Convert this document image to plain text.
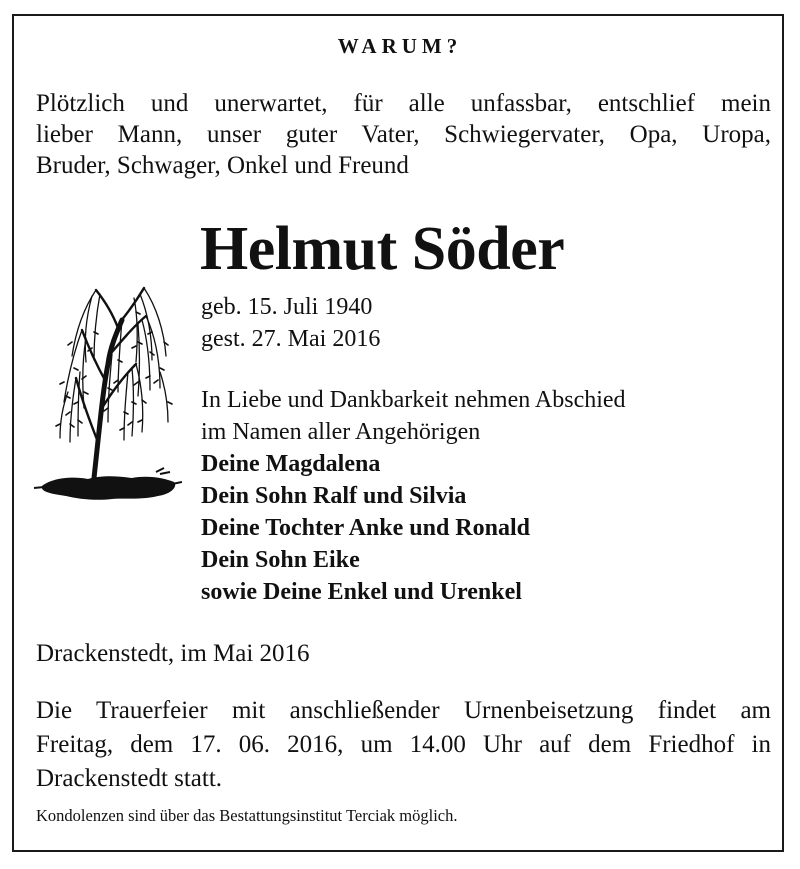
WARUM?
Plötzlich und unerwartet, für alle unfassbar, entschlief mein
lieber Mann, unser guter Vater, Schwiegervater, Opa, Uropa,
Bruder, Schwager, Onkel und Freund
Helmut Söder
geb. 15. Juli 1940
gest. 27. Mai 2016
In Liebe und Dankbarkeit nehmen Abschied
im Namen aller Angehörigen
Deine Magdalena
Dein Sohn Ralf und Silvia
Deine Tochter Anke und Ronald
Dein Sohn Eike
sowie Deine Enkel und Urenkel
Drackenstedt, im Mai 2016
Die Trauerfeier mit anschließender Urnenbeisetzung findet am
Freitag, dem 17. 06. 2016, um 14.00 Uhr auf dem Friedhof in
Drackenstedt statt.
Kondolenzen sind über das Bestattungsinstitut Terciak möglich.
